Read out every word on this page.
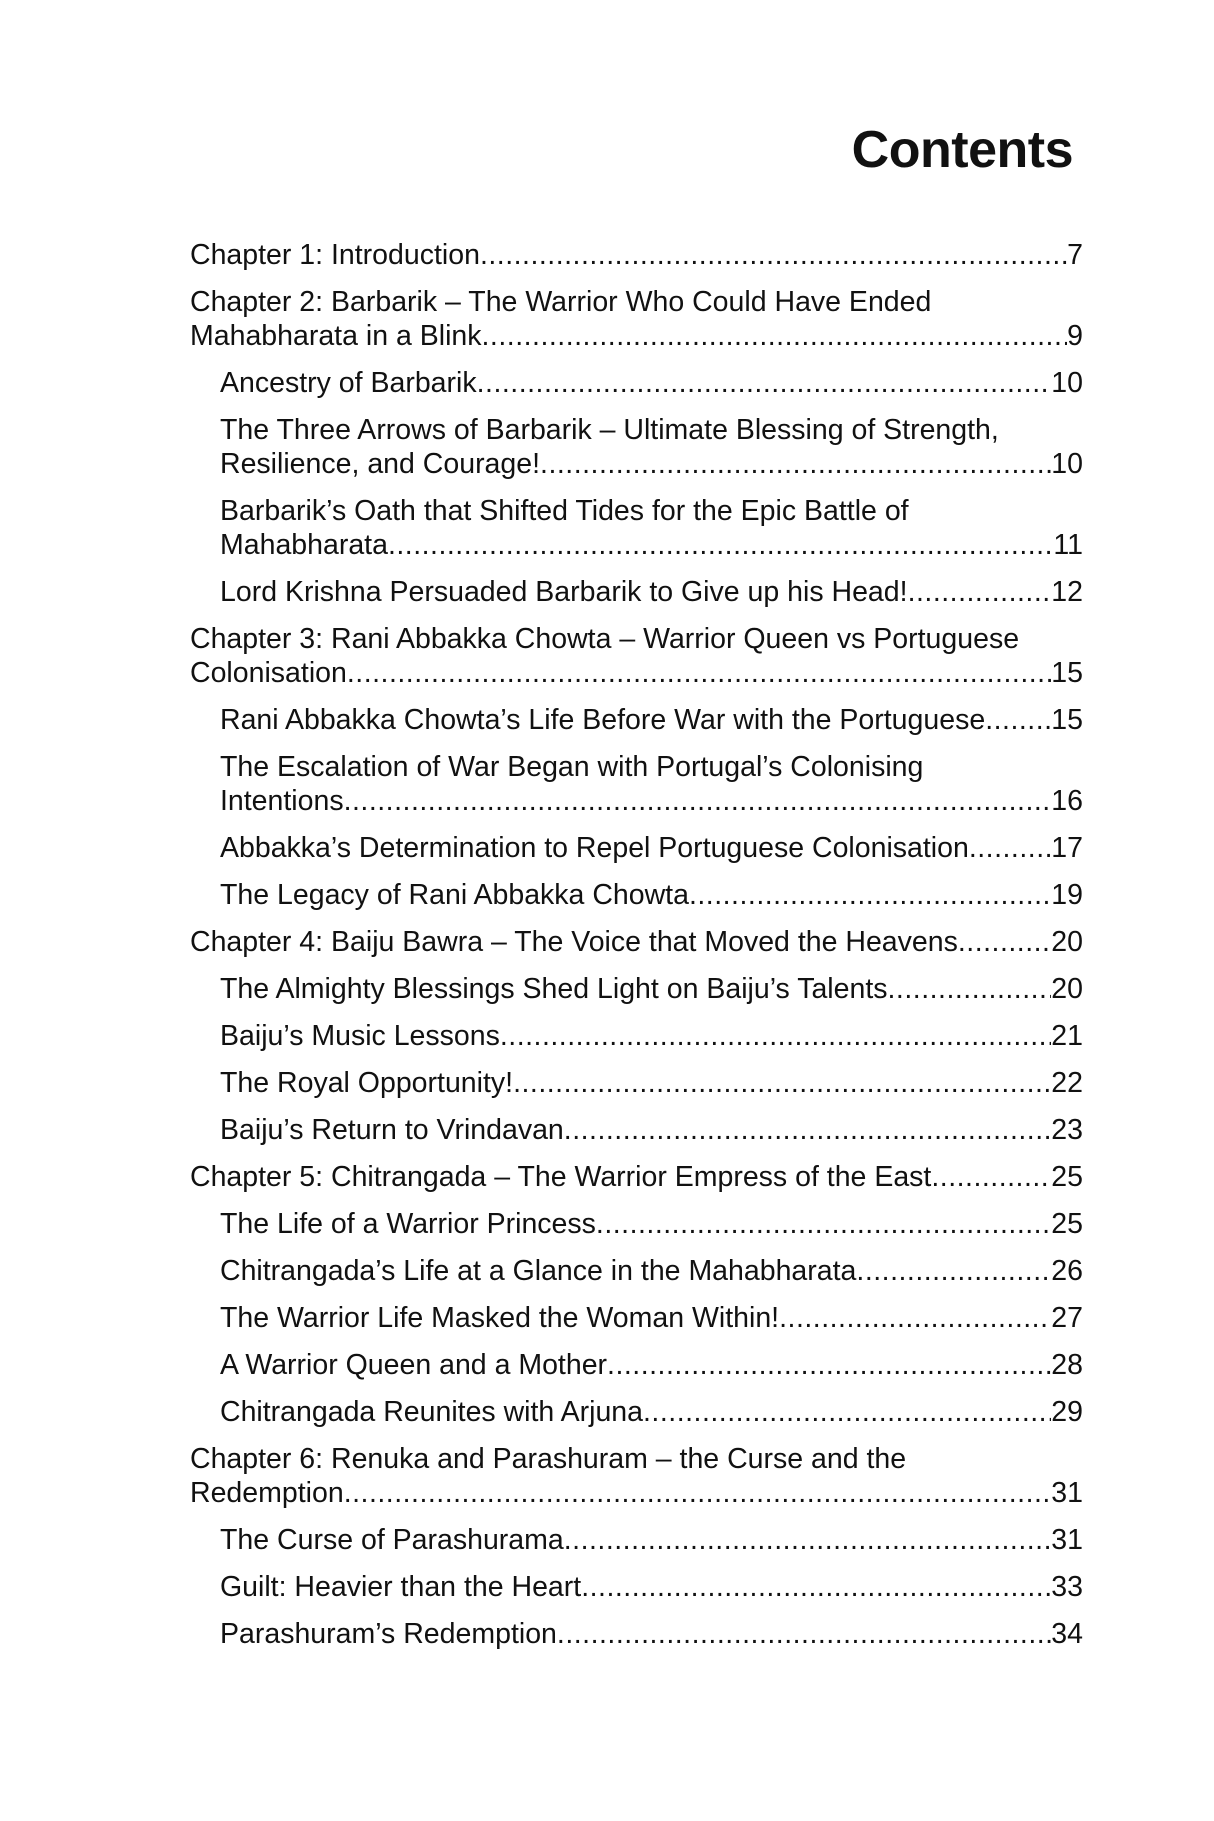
Contents
Chapter 1: Introduction .....	7
Chapter 2: Barbarik – The Warrior Who Could Have Ended
Mahabharata in a Blink .....	9
Ancestry of Barbarik .....	10
The Three Arrows of Barbarik – Ultimate Blessing of Strength,
Resilience, and Courage! .....	10
Barbarik’s Oath that Shifted Tides for the Epic Battle of
Mahabharata .....	11
Lord Krishna Persuaded Barbarik to Give up his Head! .....	12
Chapter 3: Rani Abbakka Chowta – Warrior Queen vs Portuguese
Colonisation .....	15
Rani Abbakka Chowta’s Life Before War with the Portuguese ..... 15
The Escalation of War Began with Portugal’s Colonising
Intentions .....	16
Abbakka’s Determination to Repel Portuguese Colonisation .....	17
The Legacy of Rani Abbakka Chowta .....	19
Chapter 4: Baiju Bawra – The Voice that Moved the Heavens .....	20
The Almighty Blessings Shed Light on Baiju’s Talents .....	20
Baiju’s Music Lessons .....	21
The Royal Opportunity! .....	22
Baiju’s Return to Vrindavan .....	23
Chapter 5: Chitrangada – The Warrior Empress of the East .....	25
The Life of a Warrior Princess .....	25
Chitrangada’s Life at a Glance in the Mahabharata .....	26
The Warrior Life Masked the Woman Within! .....	27
A Warrior Queen and a Mother .....	28
Chitrangada Reunites with Arjuna .....	29
Chapter 6: Renuka and Parashuram – the Curse and the
Redemption .....	31
The Curse of Parashurama .....	31
Guilt: Heavier than the Heart .....	33
Parashuram’s Redemption .....	34
